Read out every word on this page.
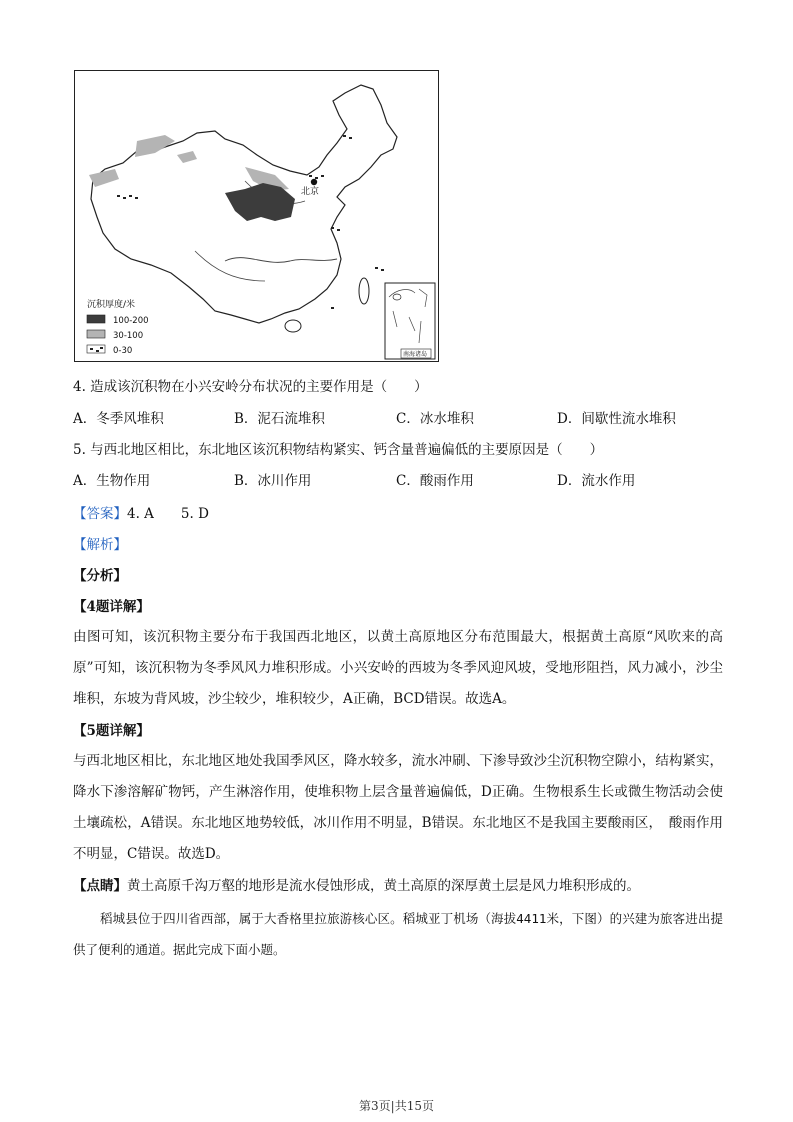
北京
沉积厚度/米
100-200
30-100
0-30	南海诸岛
4. 造成该沉积物在小兴安岭分布状况的主要作用是（　　）
A．冬季风堆积	B．泥石流堆积	C．冰水堆积	D．间歇性流水堆积
5. 与西北地区相比，东北地区该沉积物结构紧实、钙含量普遍偏低的主要原因是（　　）
A．生物作用	B．冰川作用	C．酸雨作用	D．流水作用
【答案】4. A　　5. D
【解析】
【分析】
【4题详解】
由图可知，该沉积物主要分布于我国西北地区，以黄土高原地区分布范围最大，根据黄土高原“风吹来的高原”可知，该沉积物为冬季风风力堆积形成。小兴安岭的西坡为冬季风迎风坡，受地形阻挡，风力减小，沙尘堆积，东坡为背风坡，沙尘较少，堆积较少，A正确，BCD错误。故选A。
【5题详解】
与西北地区相比，东北地区地处我国季风区，降水较多，流水冲刷、下渗导致沙尘沉积物空隙小，结构紧实，降水下渗溶解矿物钙，产生淋溶作用，使堆积物上层含量普遍偏低，D正确。生物根系生长或微生物活动会使土壤疏松，A错误。东北地区地势较低，冰川作用不明显，B错误。东北地区不是我国主要酸雨区，　酸雨作用不明显，C错误。故选D。
【点睛】黄土高原千沟万壑的地形是流水侵蚀形成，黄土高原的深厚黄土层是风力堆积形成的。
稻城县位于四川省西部，属于大香格里拉旅游核心区。稻城亚丁机场（海拔4411米，下图）的兴建为旅客进出提供了便利的通道。据此完成下面小题。
第3页|共15页
